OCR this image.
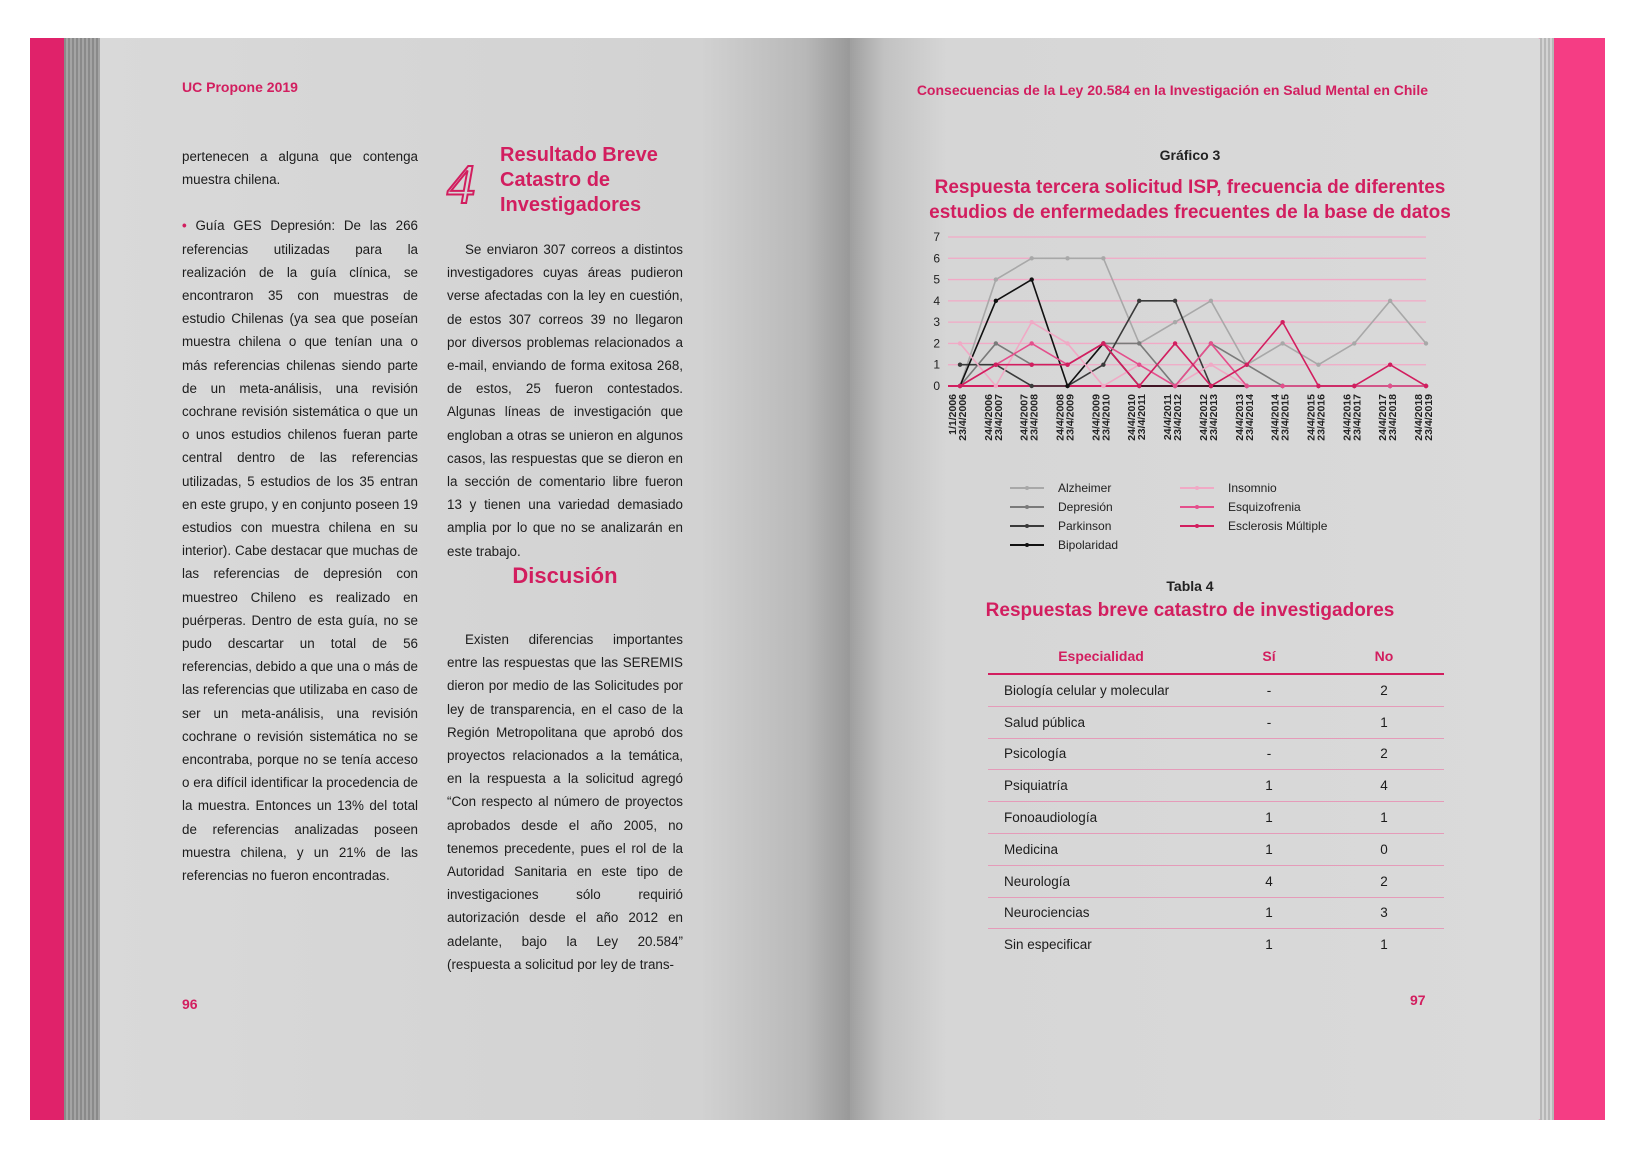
UC Propone 2019

pertenecen a alguna que contenga muestra chilena.

• Guía GES Depresión: De las 266 referencias utilizadas para la realización de la guía clínica, se encontraron 35 con muestras de estudio Chilenas (ya sea que poseían muestra chilena o que tenían una o más referencias chilenas siendo parte de un meta-análisis, una revisión cochrane revisión sistemática o que un o unos estudios chilenos fueran parte central dentro de las referencias utilizadas, 5 estudios de los 35 entran en este grupo, y en conjunto poseen 19 estudios con muestra chilena en su interior). Cabe destacar que muchas de las referencias de depresión con muestreo Chileno es realizado en puérperas. Dentro de esta guía, no se pudo descartar un total de 56 referencias, debido a que una o más de las referencias que utilizaba en caso de ser un meta-análisis, una revisión cochrane o revisión sistemática no se encontraba, porque no se tenía acceso o era difícil identificar la procedencia de la muestra. Entonces un 13% del total de referencias analizadas poseen muestra chilena, y un 21% de las referencias no fueron encontradas.

4 Resultado Breve
Catastro de
Investigadores
Se enviaron 307 correos a distintos investigadores cuyas áreas pudieron verse afectadas con la ley en cuestión, de estos 307 correos 39 no llegaron por diversos problemas relacionados a e-mail, enviando de forma exitosa 268, de estos, 25 fueron contestados. Algunas líneas de investigación que engloban a otras se unieron en algunos casos, las respuestas que se dieron en la sección de comentario libre fueron 13 y tienen una variedad demasiado amplia por lo que no se analizarán en este trabajo.
Discusión
Existen diferencias importantes entre las respuestas que las SEREMIS dieron por medio de las Solicitudes por ley de transparencia, en el caso de la Región Metropolitana que aprobó dos proyectos relacionados a la temática, en la respuesta a la solicitud agregó “Con respecto al número de proyectos aprobados desde el año 2005, no tenemos precedente, pues el rol de la Autoridad Sanitaria en este tipo de investigaciones sólo requirió autorización desde el año 2012 en adelante, bajo la Ley 20.584” (respuesta a solicitud por ley de trans-
96
Consecuencias de la Ley 20.584 en la Investigación en Salud Mental en Chile
Gráfico 3
Respuesta tercera solicitud ISP, frecuencia de diferentes
estudios de enfermedades frecuentes de la base de datos
0
1
2
3
4
5
6
7
1/1/2006
23/4/2006 24/4/2006
23/4/2007 24/4/2007
23/4/2008 24/4/2008
23/4/2009 24/4/2009
23/4/2010 24/4/2010
23/4/2011 24/4/2011
23/4/2012 24/4/2012
23/4/2013 24/4/2013
23/4/2014 24/4/2014
23/4/2015 24/4/2015
23/4/2016 24/4/2016
23/4/2017 24/4/2017
23/4/2018 24/4/2018
23/4/2019
Alzheimer
Depresión
Parkinson
Bipolaridad
Insomnio
Esquizofrenia
Esclerosis Múltiple
Tabla 4
Respuestas breve catastro de investigadores
Especialidad	Sí	No
Biología celular y molecular	-	2
Salud pública	-	1
Psicología	-	2
Psiquiatría	1	4
Fonoaudiología	1	1
Medicina	1	0
Neurología	4	2
Neurociencias	1	3
Sin especificar	1	1
97
